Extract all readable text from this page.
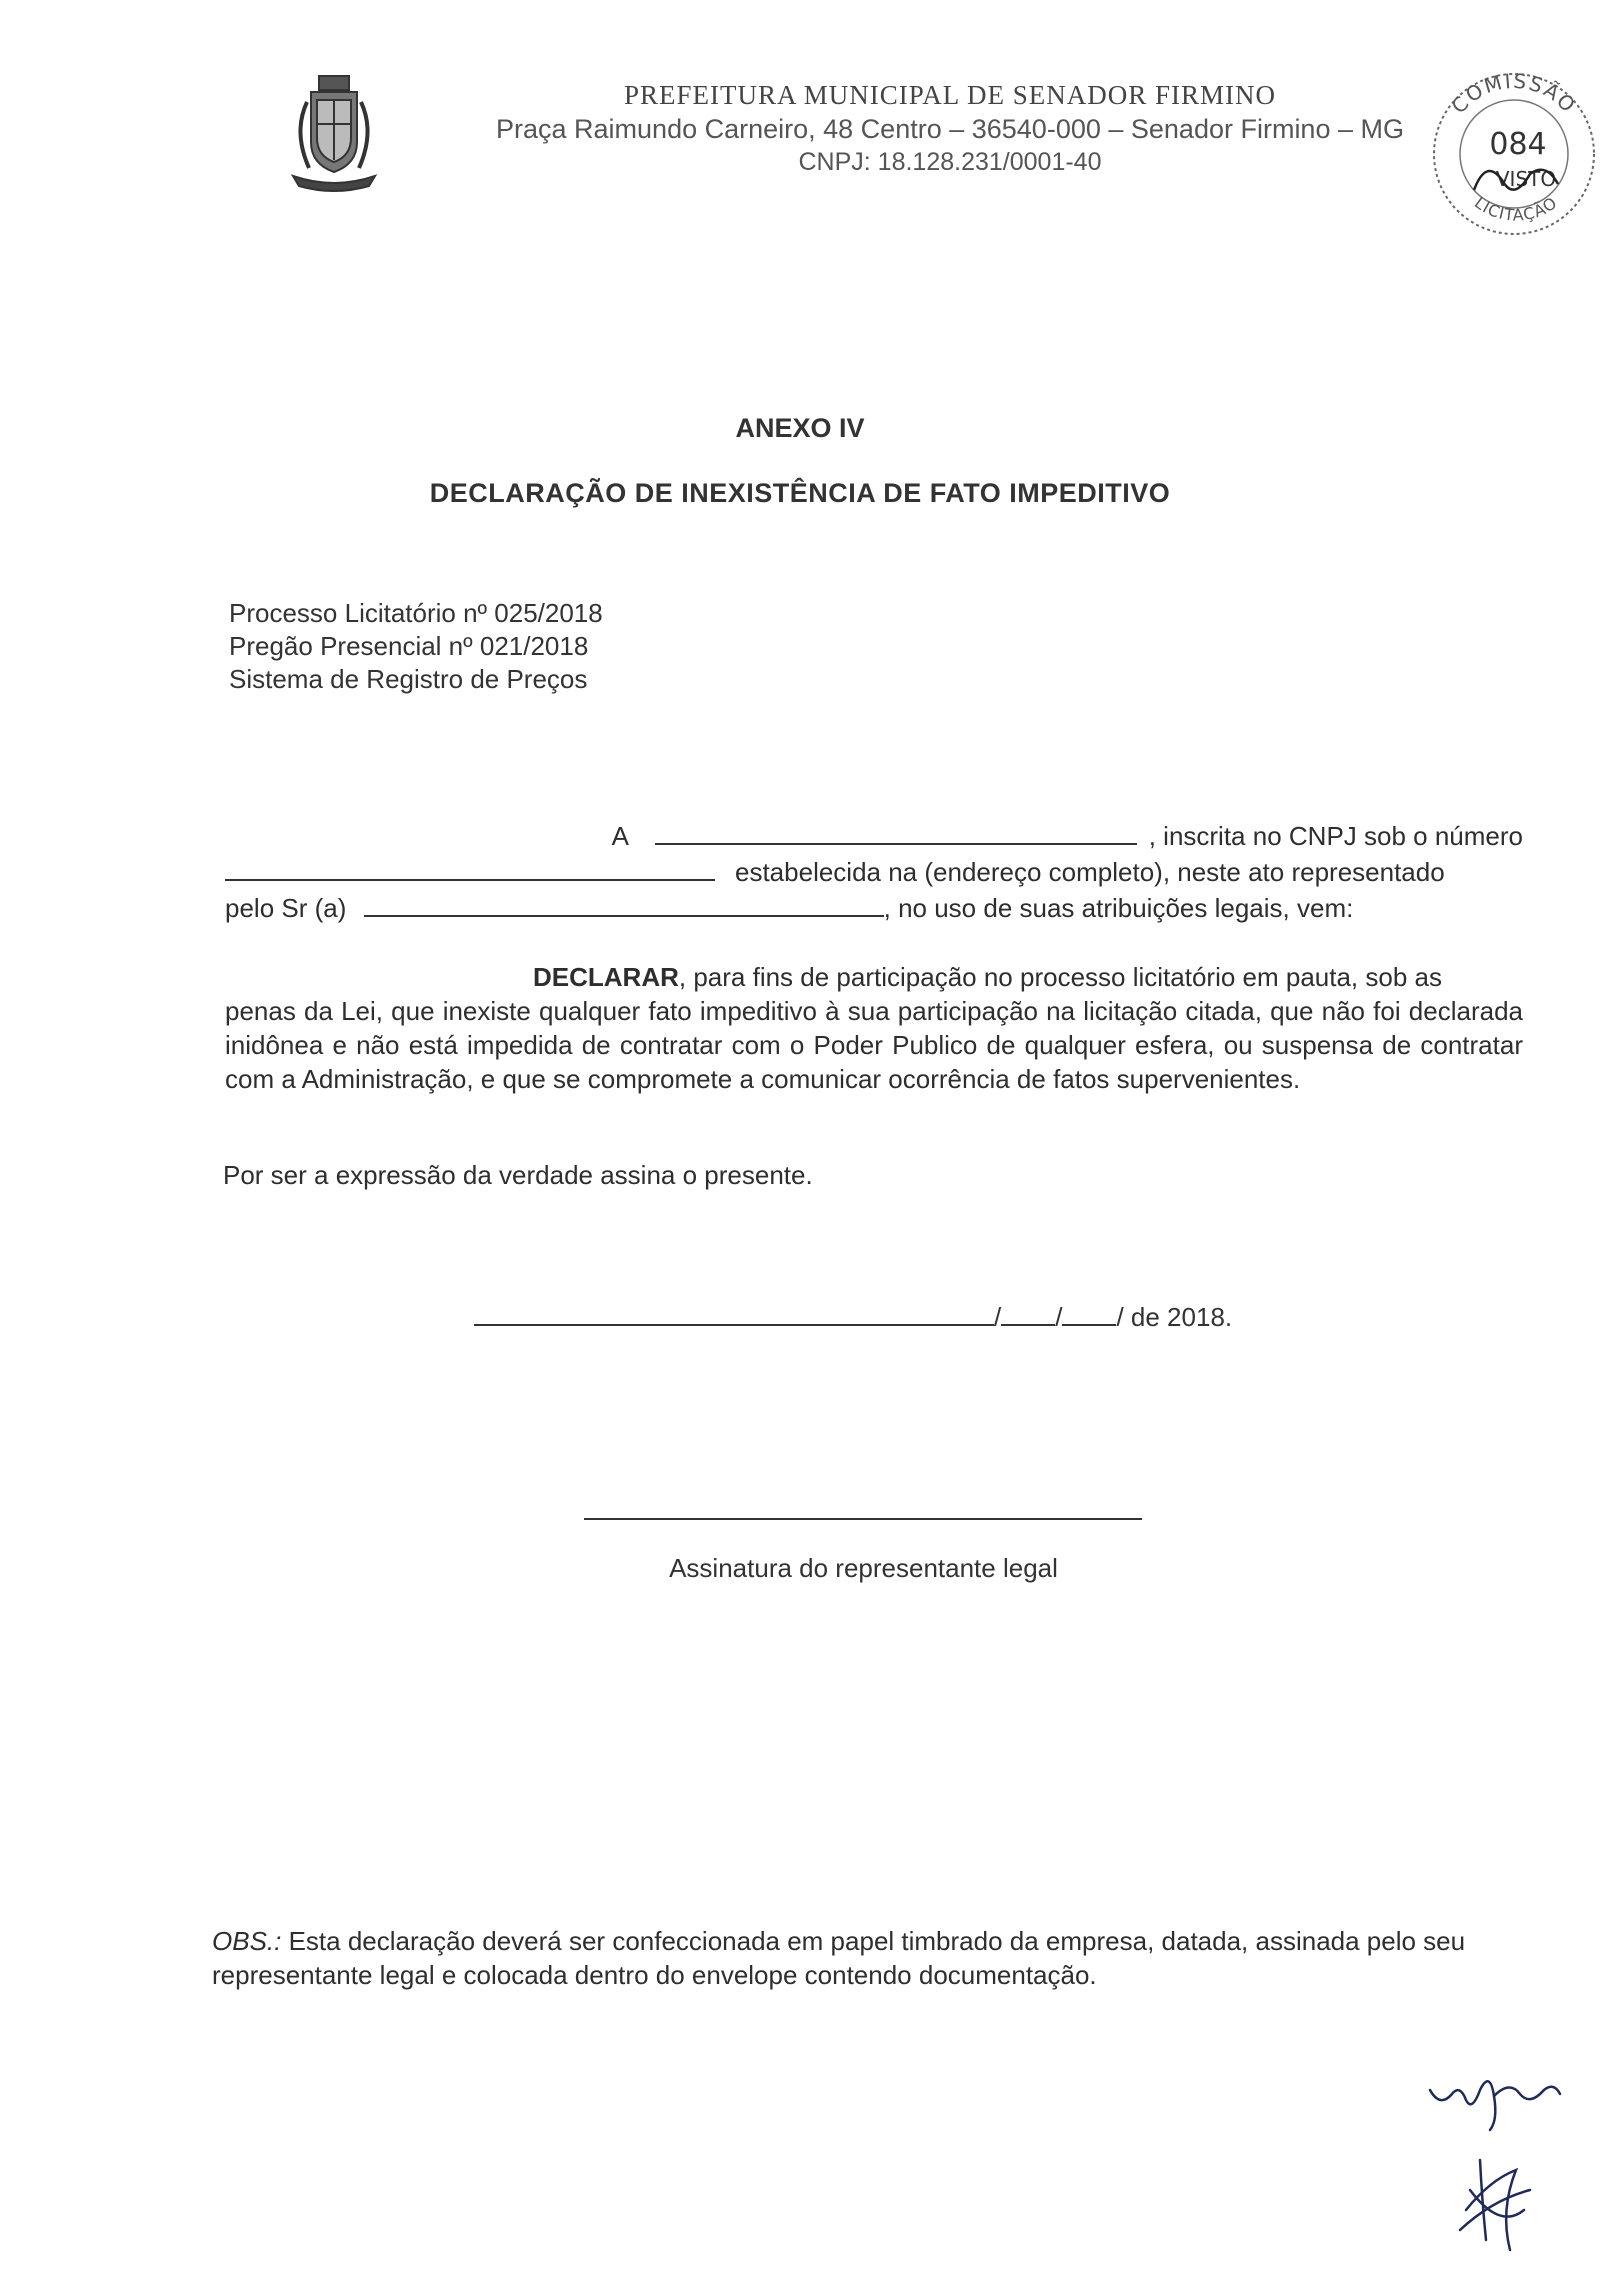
PREFEITURA MUNICIPAL DE SENADOR FIRMINO
Praça Raimundo Carneiro, 48 Centro – 36540-000 – Senador Firmino – MG
CNPJ: 18.128.231/0001-40
COMISSÃO
084
VISTO
LICITAÇÃO
ANEXO IV
DECLARAÇÃO DE INEXISTÊNCIA DE FATO IMPEDITIVO
Processo Licitatório nº 025/2018
Pregão Presencial nº 021/2018
Sistema de Registro de Preços
A	, inscrita no CNPJ sob o número
estabelecida na (endereço completo), neste ato representado
pelo Sr (a)	, no uso de suas atribuições legais, vem:
DECLARAR, para fins de participação no processo licitatório em pauta, sob as
penas da Lei, que inexiste qualquer fato impeditivo à sua participação na licitação citada, que não foi declarada inidônea e não está impedida de contratar com o Poder Publico de qualquer esfera, ou suspensa de contratar com a Administração, e que se compromete a comunicar ocorrência de fatos supervenientes.
Por ser a expressão da verdade assina o presente.
/ / / de 2018.
Assinatura do representante legal
OBS.: Esta declaração deverá ser confeccionada em papel timbrado da empresa, datada, assinada pelo seu representante legal e colocada dentro do envelope contendo documentação.
